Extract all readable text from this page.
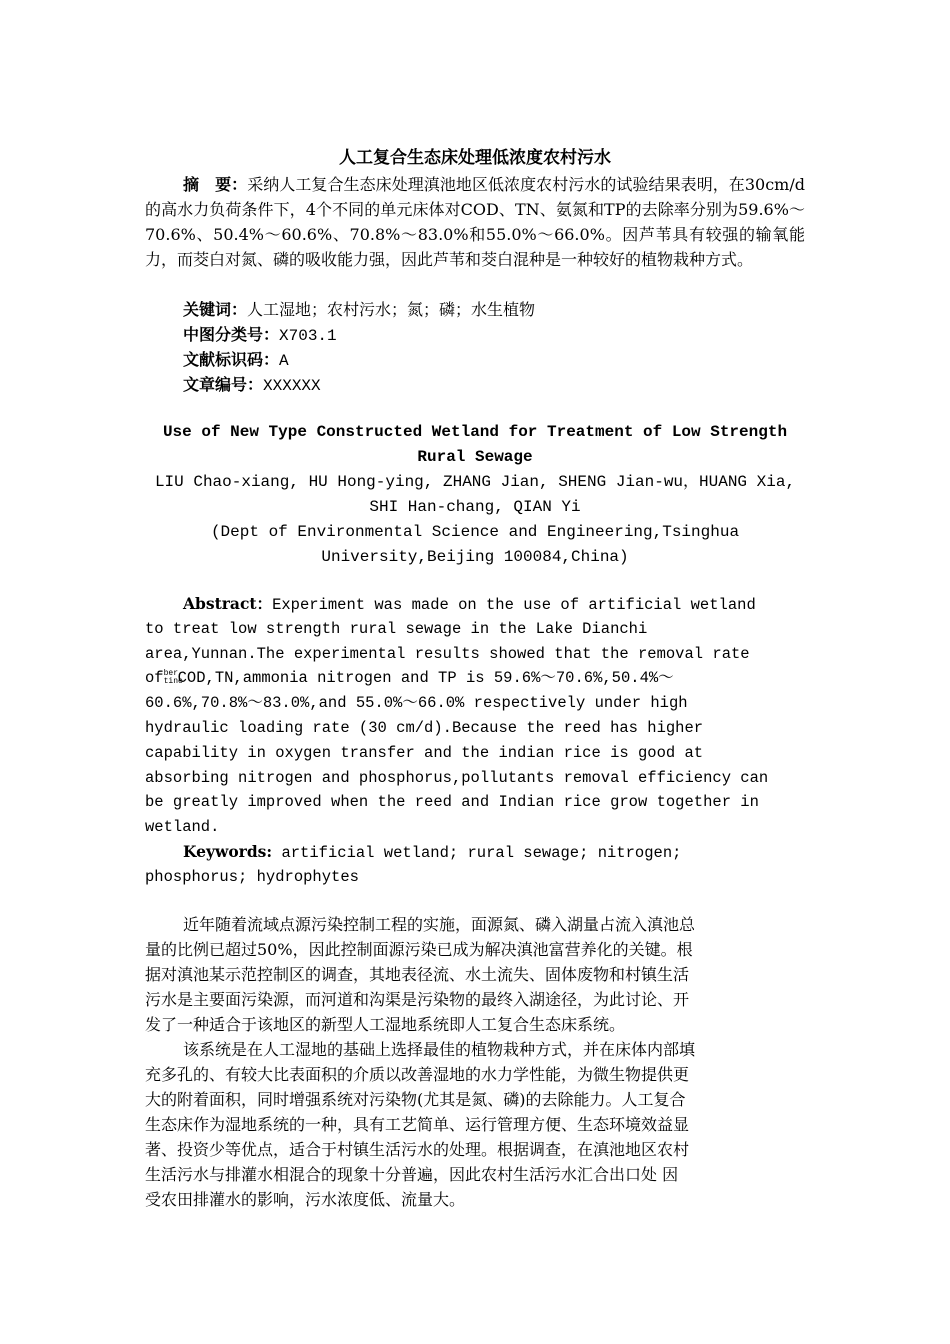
人工复合生态床处理低浓度农村污水
摘　要：采纳人工复合生态床处理滇池地区低浓度农村污水的试验结果表明，在30cm/d的高水力负荷条件下，4个不同的单元床体对COD、TN、氨氮和TP的去除率分别为59.6%～70.6%、50.4%～60.6%、70.8%～83.0%和55.0%～66.0%。因芦苇具有较强的输氧能力，而茭白对氮、磷的吸收能力强，因此芦苇和茭白混种是一种较好的植物栽种方式。
关键词：人工湿地；农村污水；氮；磷；水生植物
中图分类号：X703.1
文献标识码：A
文章编号：XXXXXX
Use of New Type Constructed Wetland for Treatment of Low Strength
Rural Sewage
LIU Chao-xiang, HU Hong-ying, ZHANG Jian, SHENG Jian-wu，HUANG Xia,
SHI Han-chang, QIAN Yi
(Dept of Environmental Science and Engineering,Tsinghua
University,Beijing 100084,China)
Abstract：Experiment was made on the use of artificial wetland
to treat low strength rural sewage in the Lake Dianchi
area,Yunnan.The experimental results showed that the removal rate
ofber tineCOD,TN,ammonia nitrogen and TP is 59.6%～70.6%,50.4%～
60.6%,70.8%～83.0%,and 55.0%～66.0% respectively under high
hydraulic loading rate (30 cm/d).Because the reed has higher
capability in oxygen transfer and the indian rice is good at
absorbing nitrogen and phosphorus,pollutants removal efficiency can
be greatly improved when the reed and Indian rice grow together in
wetland.
Keywords: artificial wetland; rural sewage; nitrogen;
phosphorus; hydrophytes
近年随着流域点源污染控制工程的实施，面源氮、磷入湖量占流入滇池总
量的比例已超过50%，因此控制面源污染已成为解决滇池富营养化的关键。根
据对滇池某示范控制区的调查，其地表径流、水土流失、固体废物和村镇生活
污水是主要面污染源，而河道和沟渠是污染物的最终入湖途径，为此讨论、开
发了一种适合于该地区的新型人工湿地系统即人工复合生态床系统。
该系统是在人工湿地的基础上选择最佳的植物栽种方式，并在床体内部填
充多孔的、有较大比表面积的介质以改善湿地的水力学性能，为微生物提供更
大的附着面积，同时增强系统对污染物(尤其是氮、磷)的去除能力。人工复合
生态床作为湿地系统的一种，具有工艺简单、运行管理方便、生态环境效益显
著、投资少等优点，适合于村镇生活污水的处理。根据调查，在滇池地区农村
生活污水与排灌水相混合的现象十分普遍，因此农村生活污水汇合出口处 因
受农田排灌水的影响，污水浓度低、流量大。
